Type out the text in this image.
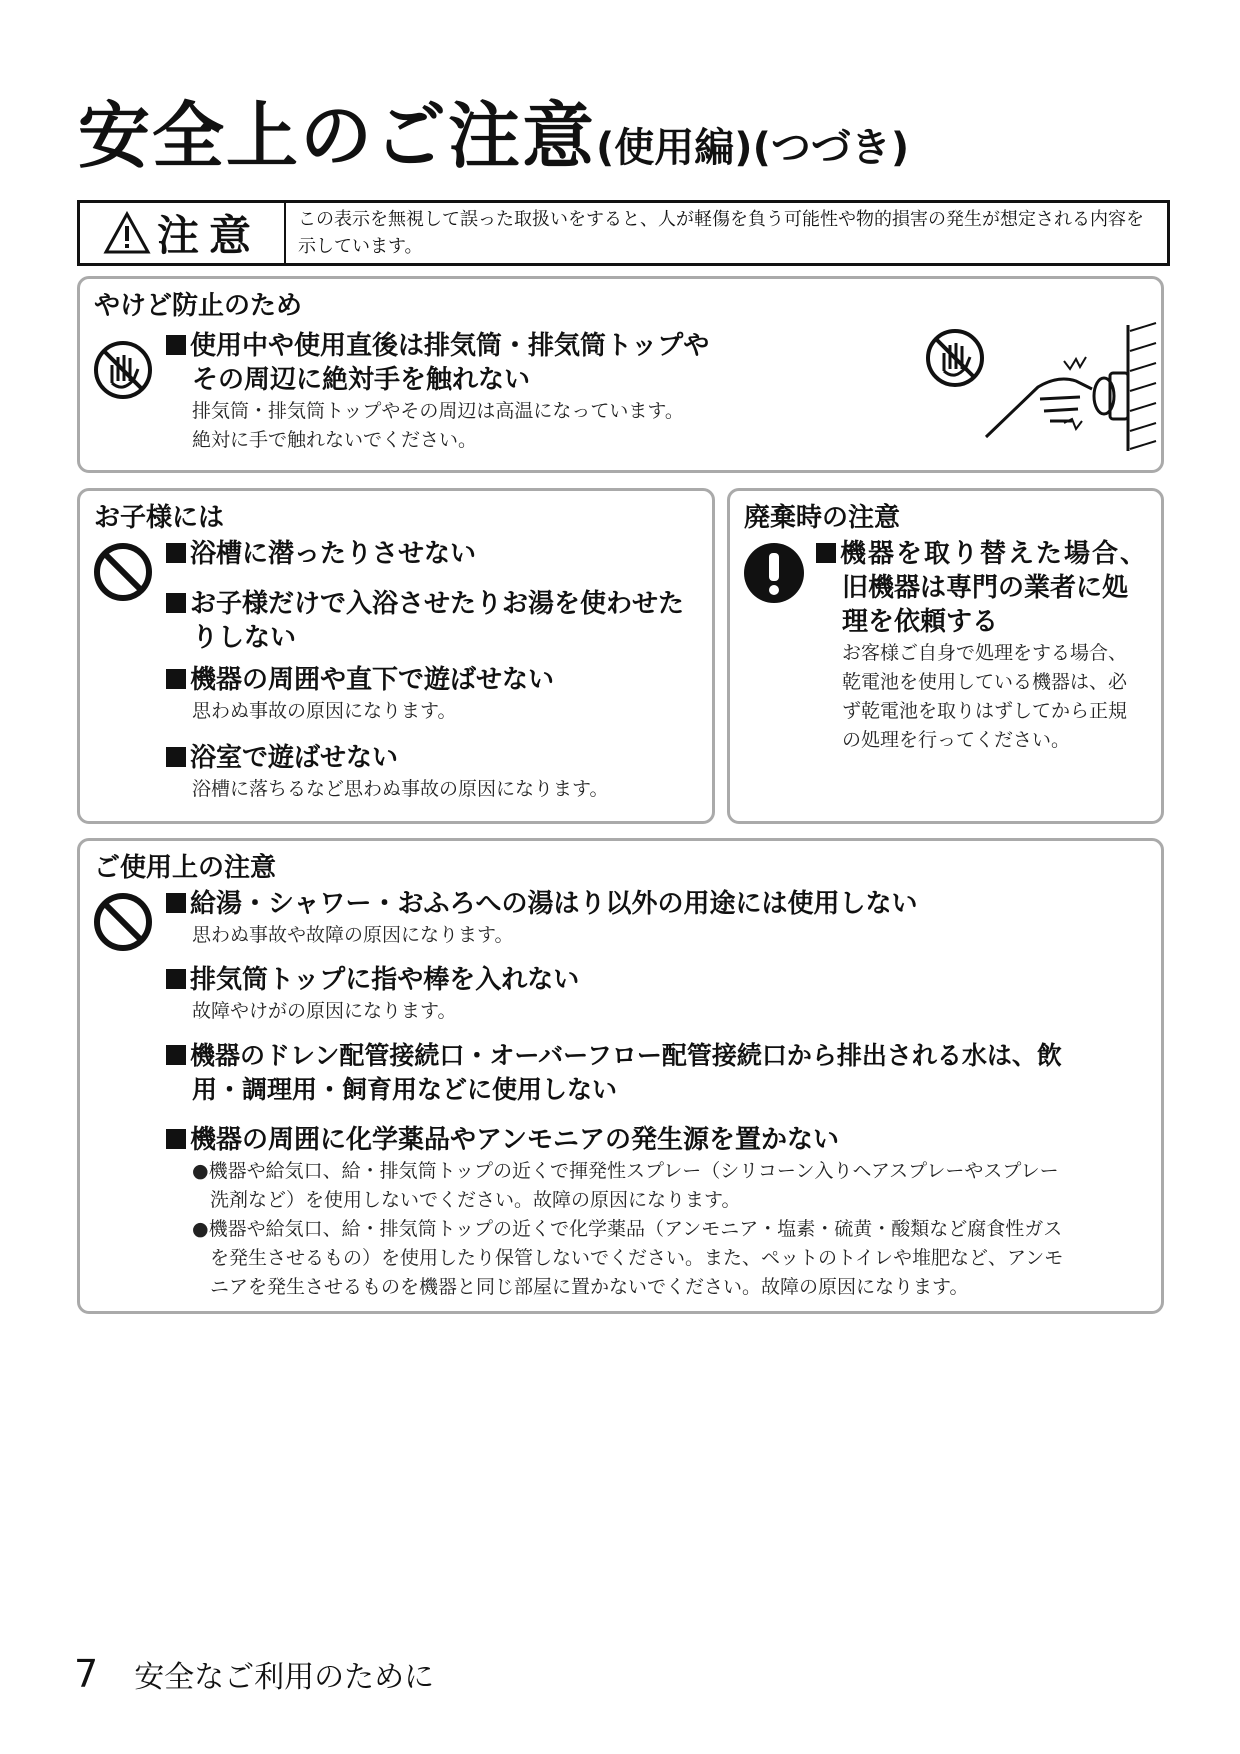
安全上のご注意(使用編)(つづき)
注意	この表示を無視して誤った取扱いをすると、人が軽傷を負う可能性や物的損害の発生が想定される内容を示しています。
やけど防止のため
使用中や使用直後は排気筒・排気筒トップや
その周辺に絶対手を触れない
排気筒・排気筒トップやその周辺は高温になっています。
絶対に手で触れないでください。
お子様には
浴槽に潜ったりさせない
お子様だけで入浴させたりお湯を使わせた
りしない
機器の周囲や直下で遊ばせない
思わぬ事故の原因になります。
浴室で遊ばせない
浴槽に落ちるなど思わぬ事故の原因になります。
廃棄時の注意
機器を取り替えた場合、
旧機器は専門の業者に処
理を依頼する
お客様ご自身で処理をする場合、
乾電池を使用している機器は、必
ず乾電池を取りはずしてから正規
の処理を行ってください。
ご使用上の注意
給湯・シャワー・おふろへの湯はり以外の用途には使用しない
思わぬ事故や故障の原因になります。
排気筒トップに指や棒を入れない
故障やけがの原因になります。
機器のドレン配管接続口・オーバーフロー配管接続口から排出される水は、飲
用・調理用・飼育用などに使用しない
機器の周囲に化学薬品やアンモニアの発生源を置かない
●機器や給気口、給・排気筒トップの近くで揮発性スプレー（シリコーン入りヘアスプレーやスプレー
洗剤など）を使用しないでください。故障の原因になります。
●機器や給気口、給・排気筒トップの近くで化学薬品（アンモニア・塩素・硫黄・酸類など腐食性ガス
を発生させるもの）を使用したり保管しないでください。また、ペットのトイレや堆肥など、アンモ
ニアを発生させるものを機器と同じ部屋に置かないでください。故障の原因になります。
7 安全なご利用のために
